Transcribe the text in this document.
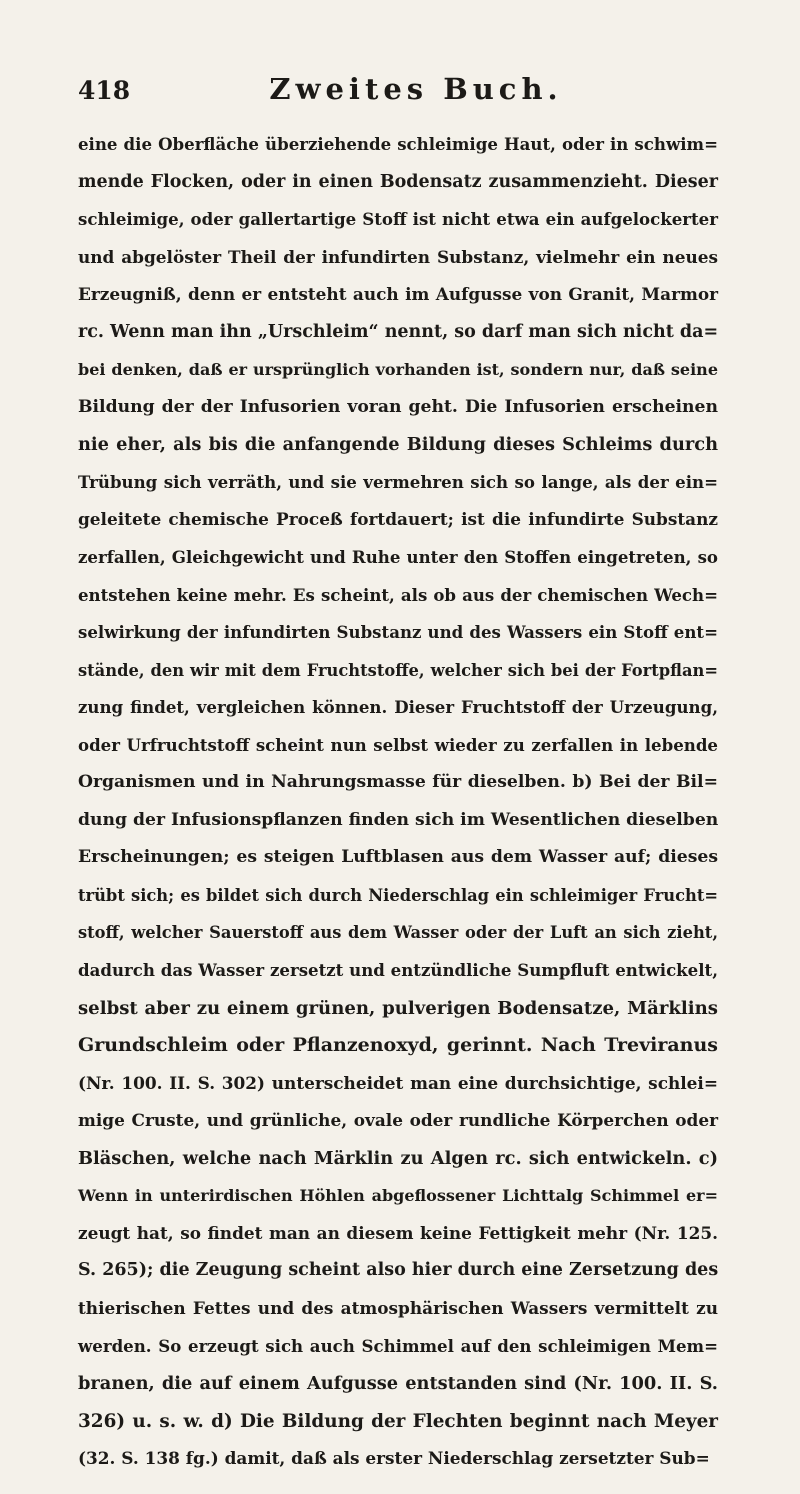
418	Zweites Buch.
eine die Oberfläche überziehende schleimige Haut, oder in schwim=
mende Flocken, oder in einen Bodensatz zusammenzieht. Dieser
schleimige, oder gallertartige Stoff ist nicht etwa ein aufgelockerter
und abgelöster Theil der infundirten Substanz, vielmehr ein neues
Erzeugniß, denn er entsteht auch im Aufgusse von Granit, Marmor
rc. Wenn man ihn „Urschleim“ nennt, so darf man sich nicht da=
bei denken, daß er ursprünglich vorhanden ist, sondern nur, daß seine
Bildung der der Infusorien voran geht. Die Infusorien erscheinen
nie eher, als bis die anfangende Bildung dieses Schleims durch
Trübung sich verräth, und sie vermehren sich so lange, als der ein=
geleitete chemische Proceß fortdauert; ist die infundirte Substanz
zerfallen, Gleichgewicht und Ruhe unter den Stoffen eingetreten, so
entstehen keine mehr. Es scheint, als ob aus der chemischen Wech=
selwirkung der infundirten Substanz und des Wassers ein Stoff ent=
stände, den wir mit dem Fruchtstoffe, welcher sich bei der Fortpflan=
zung findet, vergleichen können. Dieser Fruchtstoff der Urzeugung,
oder Urfruchtstoff scheint nun selbst wieder zu zerfallen in lebende
Organismen und in Nahrungsmasse für dieselben. b) Bei der Bil=
dung der Infusionspflanzen finden sich im Wesentlichen dieselben
Erscheinungen; es steigen Luftblasen aus dem Wasser auf; dieses
trübt sich; es bildet sich durch Niederschlag ein schleimiger Frucht=
stoff, welcher Sauerstoff aus dem Wasser oder der Luft an sich zieht,
dadurch das Wasser zersetzt und entzündliche Sumpfluft entwickelt,
selbst aber zu einem grünen, pulverigen Bodensatze, Märklins
Grundschleim oder Pflanzenoxyd, gerinnt. Nach Treviranus
(Nr. 100. II. S. 302) unterscheidet man eine durchsichtige, schlei=
mige Cruste, und grünliche, ovale oder rundliche Körperchen oder
Bläschen, welche nach Märklin zu Algen rc. sich entwickeln. c)
Wenn in unterirdischen Höhlen abgeflossener Lichttalg Schimmel er=
zeugt hat, so findet man an diesem keine Fettigkeit mehr (Nr. 125.
S. 265); die Zeugung scheint also hier durch eine Zersetzung des
thierischen Fettes und des atmosphärischen Wassers vermittelt zu
werden. So erzeugt sich auch Schimmel auf den schleimigen Mem=
branen, die auf einem Aufgusse entstanden sind (Nr. 100. II. S.
326) u. s. w. d) Die Bildung der Flechten beginnt nach Meyer
(32. S. 138 fg.) damit, daß als erster Niederschlag zersetzter Sub=
